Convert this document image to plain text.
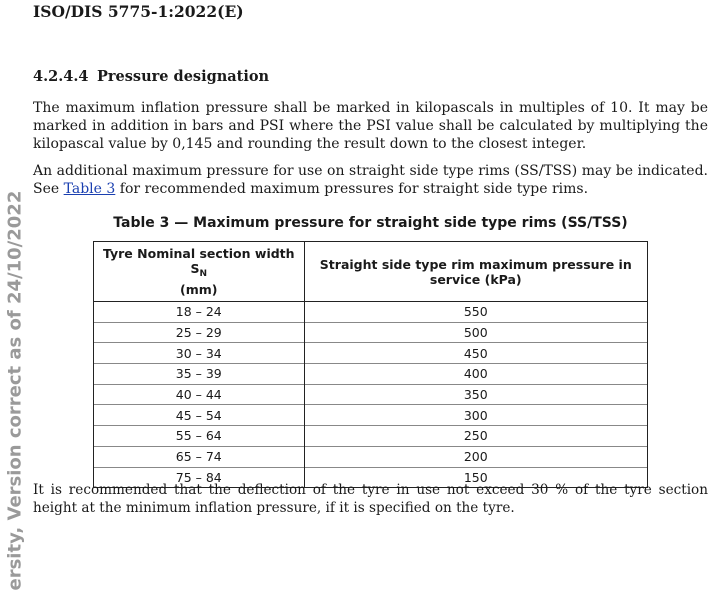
ersity, Version correct as of 24/10/2022
ISO/DIS 5775-1:2022(E)
4.2.4.4 Pressure designation
The maximum inflation pressure shall be marked in kilopascals in multiples of 10. It may be marked in addition in bars and PSI where the PSI value shall be calculated by multiplying the kilopascal value by 0,145 and rounding the result down to the closest integer.
An additional maximum pressure for use on straight side type rims (SS/TSS) may be indicated. See Table 3 for recommended maximum pressures for straight side type rims.
Table 3 — Maximum pressure for straight side type rims (SS/TSS)
Tyre Nominal section width $S_N$
(mm)	Straight side type rim maximum pressure in service (kPa)
18 – 24	550
25 – 29	500
30 – 34	450
35 – 39	400
40 – 44	350
45 – 54	300
55 – 64	250
65 – 74	200
75 – 84	150
It is recommended that the deflection of the tyre in use not exceed 30 % of the tyre section height at the minimum inflation pressure, if it is specified on the tyre.
